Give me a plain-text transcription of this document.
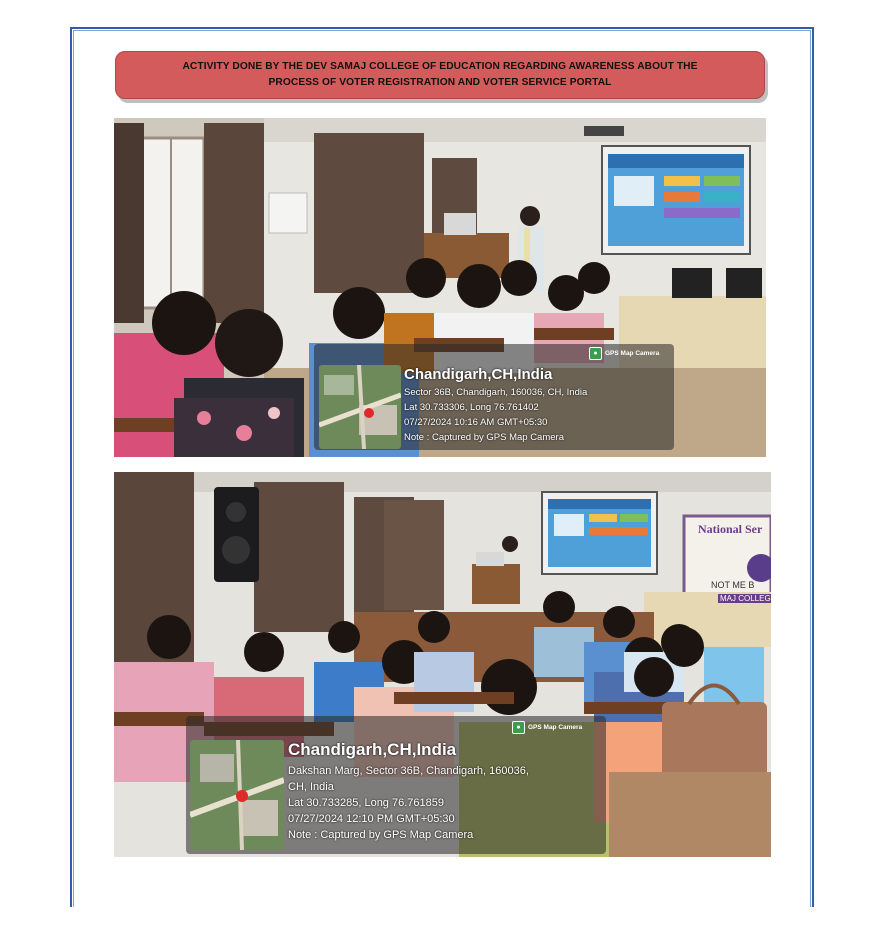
ACTIVITY DONE BY THE DEV SAMAJ COLLEGE OF EDUCATION REGARDING AWARENESS ABOUT THE
PROCESS OF VOTER REGISTRATION AND VOTER SERVICE PORTAL
●	GPS Map Camera
Chandigarh,CH,India
Sector 36B, Chandigarh, 160036, CH, India
Lat 30.733306, Long 76.761402
07/27/2024 10:16 AM GMT+05:30
Note : Captured by GPS Map Camera
National Ser
NOT ME B
MAJ COLLEG
●	GPS Map Camera
Chandigarh,CH,India
Dakshan Marg, Sector 36B, Chandigarh, 160036,
CH, India
Lat 30.733285, Long 76.761859
07/27/2024 12:10 PM GMT+05:30
Note : Captured by GPS Map Camera
